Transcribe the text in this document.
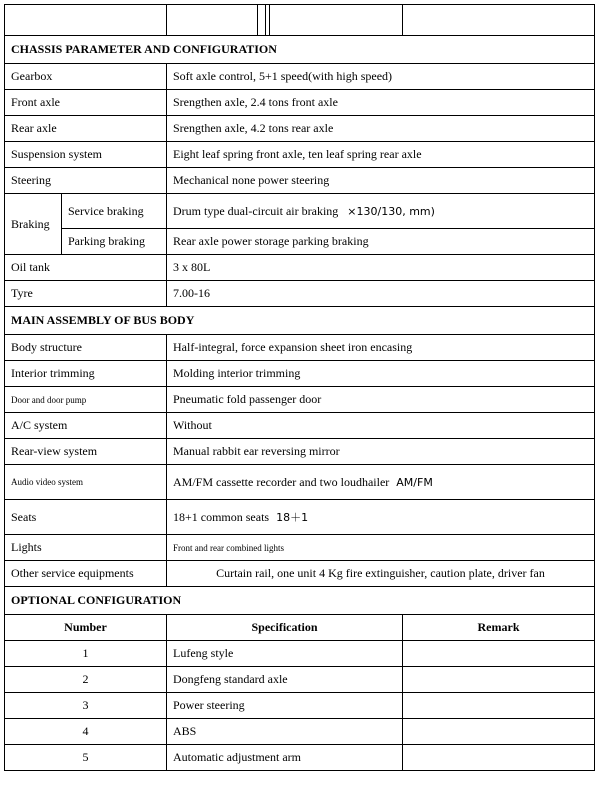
CHASSIS PARAMETER AND CONFIGURATION						
Gearbox		Soft axle control, 5+1 speed(with high speed)				
Front axle		Srengthen axle, 2.4 tons front axle				
Rear axle		Srengthen axle, 4.2 tons rear axle				
Suspension system		Eight leaf spring front axle, ten leaf spring rear axle				
Steering		Mechanical none power steering				
Braking	Service braking	Drum type dual-circuit air braking ×130/130, mm)				
	Parking braking	Rear axle power storage parking braking				
Oil tank		3 x 80L				
Tyre		7.00-16				
MAIN ASSEMBLY OF BUS BODY						
Body structure		Half-integral, force expansion sheet iron encasing				
Interior trimming		Molding interior trimming				
Door and door pump		Pneumatic fold passenger door				
A/C system		Without				
Rear-view system		Manual rabbit ear reversing mirror				
Audio video system		AM/FM cassette recorder and two loudhailer AM/FM				
Seats		18+1 common seats 18＋1				
Lights		Front and rear combined lights				
Other service equipments		Curtain rail, one unit 4 Kg fire extinguisher, caution plate, driver fan				
OPTIONAL CONFIGURATION						
Number		Specification				Remark
1		Lufeng style				
2		Dongfeng standard axle				
3		Power steering				
4		ABS				
5		Automatic adjustment arm				
